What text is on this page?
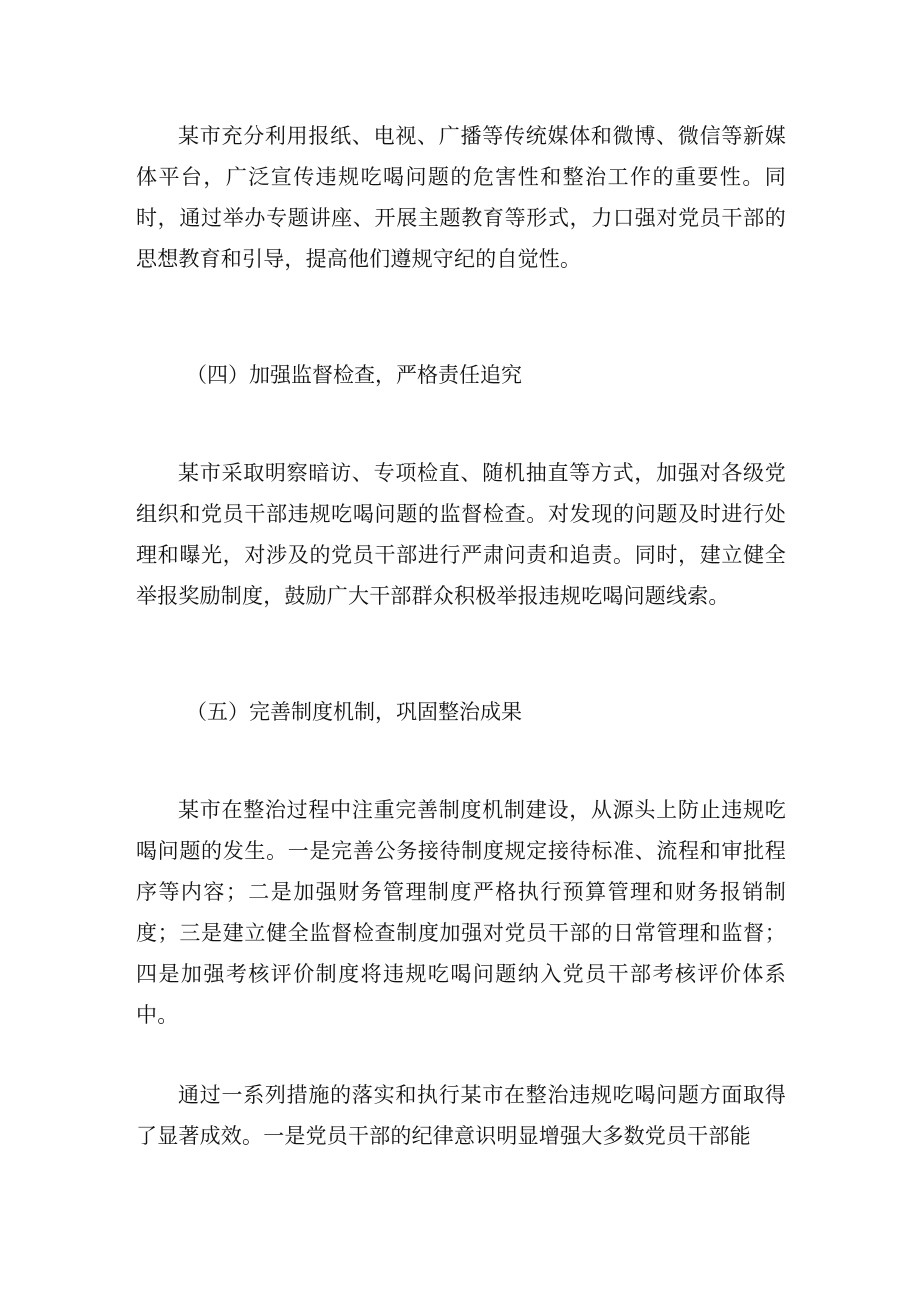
某市充分利用报纸、电视、广播等传统媒体和微博、微信等新媒体平台，广泛宣传违规吃喝问题的危害性和整治工作的重要性。同时，通过举办专题讲座、开展主题教育等形式，力口强对党员干部的思想教育和引导，提高他们遵规守纪的自觉性。

（四）加强监督检查，严格责任追究

某市采取明察暗访、专项检直、随机抽直等方式，加强对各级党组织和党员干部违规吃喝问题的监督检查。对发现的问题及时进行处理和曝光，对涉及的党员干部进行严肃问责和追责。同时，建立健全举报奖励制度，鼓励广大干部群众积极举报违规吃喝问题线索。

（五）完善制度机制，巩固整治成果

某市在整治过程中注重完善制度机制建设，从源头上防止违规吃喝问题的发生。一是完善公务接待制度规定接待标准、流程和审批程序等内容；二是加强财务管理制度严格执行预算管理和财务报销制度；三是建立健全监督检查制度加强对党员干部的日常管理和监督；四是加强考核评价制度将违规吃喝问题纳入党员干部考核评价体系中。

通过一系列措施的落实和执行某市在整治违规吃喝问题方面取得了显著成效。一是党员干部的纪律意识明显增强大多数党员干部能
